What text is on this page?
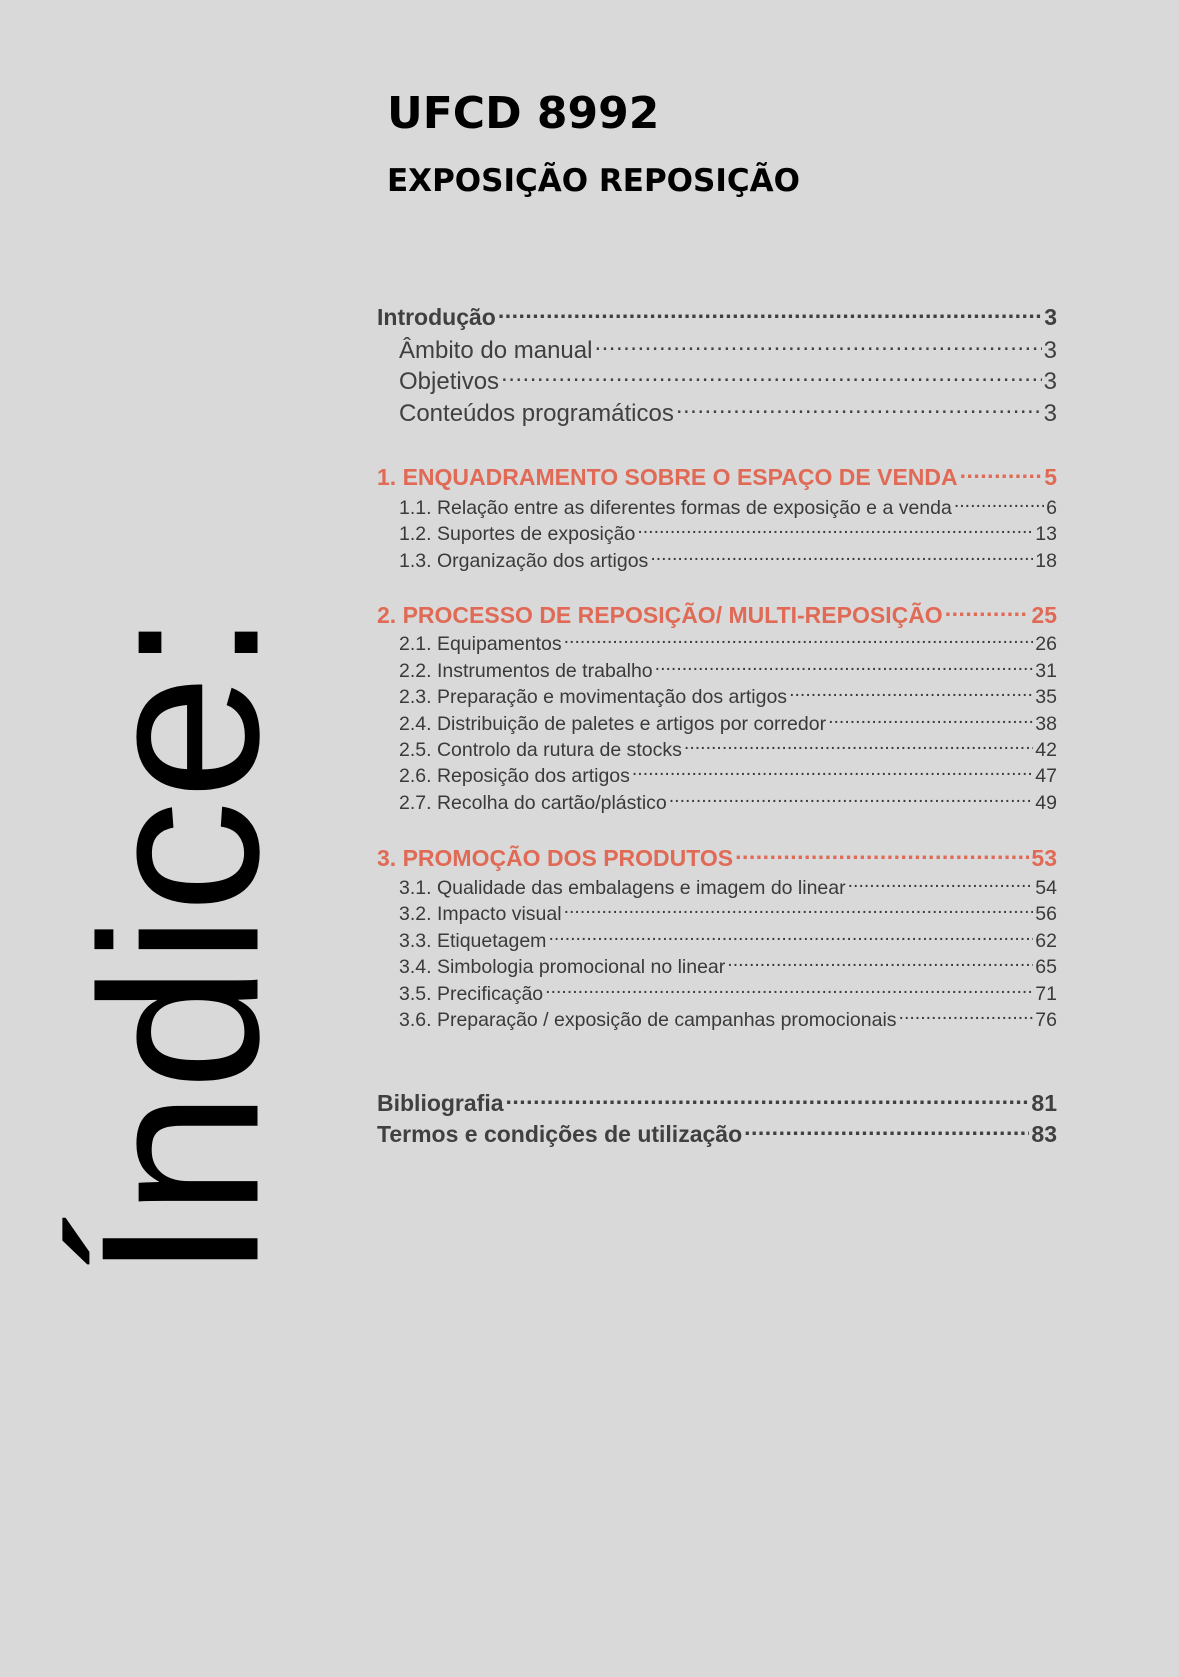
Índice:
UFCD 8992
EXPOSIÇÃO REPOSIÇÃO
Introdução .....	3
Âmbito do manual .....	3
Objetivos .....	3
Conteúdos programáticos .....	3
1. ENQUADRAMENTO SOBRE O ESPAÇO DE VENDA .....	5
1.1. Relação entre as diferentes formas de exposição e a venda .....	6
1.2. Suportes de exposição .....	13
1.3. Organização dos artigos .....	18
2. PROCESSO DE REPOSIÇÃO/ MULTI-REPOSIÇÃO .....	25
2.1. Equipamentos .....	26
2.2. Instrumentos de trabalho .....	31
2.3. Preparação e movimentação dos artigos .....	35
2.4. Distribuição de paletes e artigos por corredor .....	38
2.5. Controlo da rutura de stocks .....	42
2.6. Reposição dos artigos .....	47
2.7. Recolha do cartão/plástico .....	49
3. PROMOÇÃO DOS PRODUTOS .....	53
3.1. Qualidade das embalagens e imagem do linear .....	54
3.2. Impacto visual .....	56
3.3. Etiquetagem .....	62
3.4. Simbologia promocional no linear .....	65
3.5. Precificação .....	71
3.6. Preparação / exposição de campanhas promocionais .....	76
Bibliografia .....	81
Termos e condições de utilização .....	83
